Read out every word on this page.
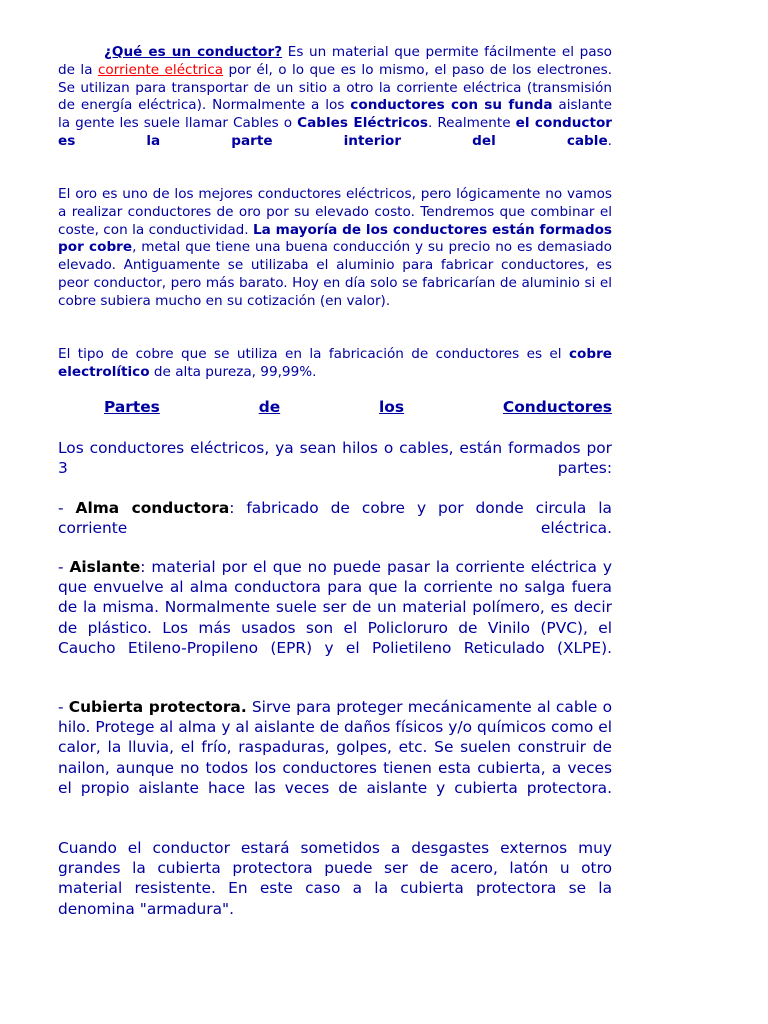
¿Qué es un conductor? Es un material que permite fácilmente el paso de la corriente eléctrica por él, o lo que es lo mismo, el paso de los electrones. Se utilizan para transportar de un sitio a otro la corriente eléctrica (transmisión de energía eléctrica). Normalmente a los conductores con su funda aislante la gente les suele llamar Cables o Cables Eléctricos. Realmente el conductor es la parte interior del cable.

El oro es uno de los mejores conductores eléctricos, pero lógicamente no vamos a realizar conductores de oro por su elevado costo. Tendremos que combinar el coste, con la conductividad. La mayoría de los conductores están formados por cobre, metal que tiene una buena conducción y su precio no es demasiado elevado. Antiguamente se utilizaba el aluminio para fabricar conductores, es peor conductor, pero más barato. Hoy en día solo se fabricarían de aluminio si el cobre subiera mucho en su cotización (en valor).

El tipo de cobre que se utiliza en la fabricación de conductores es el cobre electrolítico de alta pureza, 99,99%.

Partes	de	los	Conductores

Los conductores eléctricos, ya sean hilos o cables, están formados por 3 partes:

- Alma conductora: fabricado de cobre y por donde circula la corriente eléctrica.

- Aislante: material por el que no puede pasar la corriente eléctrica y que envuelve al alma conductora para que la corriente no salga fuera de la misma. Normalmente suele ser de un material polímero, es decir de plástico. Los más usados son el Policloruro de Vinilo (PVC), el Caucho Etileno-Propileno (EPR) y el Polietileno Reticulado (XLPE).

- Cubierta protectora. Sirve para proteger mecánicamente al cable o hilo. Protege al alma y al aislante de daños físicos y/o químicos como el calor, la lluvia, el frío, raspaduras, golpes, etc. Se suelen construir de nailon, aunque no todos los conductores tienen esta cubierta, a veces el propio aislante hace las veces de aislante y cubierta protectora.

Cuando el conductor estará sometidos a desgastes externos muy grandes la cubierta protectora puede ser de acero, latón u otro material resistente. En este caso a la cubierta protectora se la denomina "armadura".
